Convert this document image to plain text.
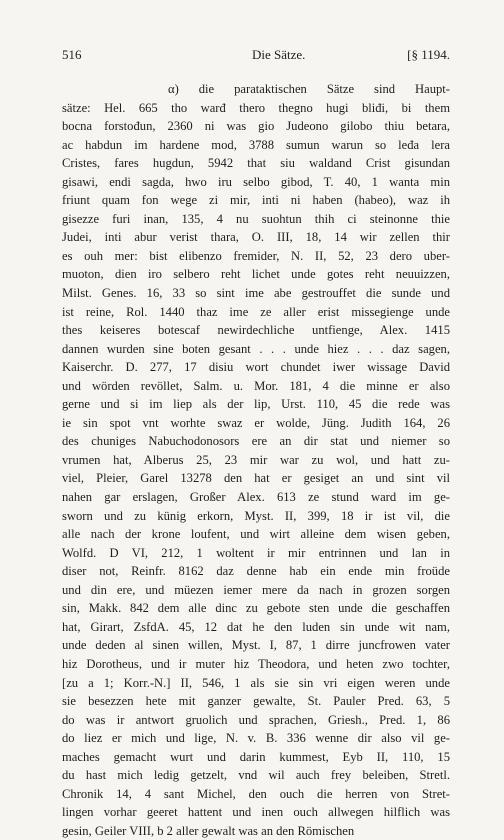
516	Die Sätze.	[§ 1194.
α) die parataktischen Sätze sind Haupt-
sätze: Hel. 665 tho warđ thero thegno hugi bliđi, bi them
bocna forstođun, 2360 ni was gio Judeono gilobo thiu betara,
ac habdun im hardene mod, 3788 sumun warun so leđa lera
Cristes, fares hugdun, 5942 that siu waldand Crist gisundan
gisawi, endi sagda, hwo iru selbo gibod, T. 40, 1 wanta min
friunt quam fon wege zi mir, inti ni haben (habeo), waz ih
gisezze furi inan, 135, 4 nu suohtun thih ci steinonne thie
Judei, inti abur verist thara, O. III, 18, 14 wir zellen thir
es ouh mer: bist elibenzo fremider, N. II, 52, 23 dero uber-
muoton, dien iro selbero reht lichet unde gotes reht neuuizzen,
Milst. Genes. 16, 33 so sint ime abe gestrouffet die sunde und
ist reine, Rol. 1440 thaz ime ze aller erist missegienge unde
thes keiseres botescaf newirdechliche untfienge, Alex. 1415
dannen wurden sine boten gesant . . . unde hiez . . . daz sagen,
Kaiserchr. D. 277, 17 disiu wort chundet iwer wissage David
und wörden revöllet, Salm. u. Mor. 181, 4 die minne er also
gerne und si im liep als der lip, Urst. 110, 45 die rede was
ie sin spot vnt worhte swaz er wolde, Jüng. Judith 164, 26
des chuniges Nabuchodonosors ere an dir stat und niemer so
vrumen hat, Alberus 25, 23 mir war zu wol, und hatt zu-
viel, Pleier, Garel 13278 den hat er gesiget an und sint vil
nahen gar erslagen, Großer Alex. 613 ze stund ward im ge-
sworn und zu künig erkorn, Myst. II, 399, 18 ir ist vil, die
alle nach der krone loufent, und wirt alleine dem wisen geben,
Wolfd. D VI, 212, 1 woltent ir mir entrinnen und lan in
diser not, Reinfr. 8162 daz denne hab ein ende min froüde
und din ere, und müezen iemer mere da nach in grozen sorgen
sin, Makk. 842 dem alle dinc zu gebote sten unde die geschaffen
hat, Girart, ZsfdA. 45, 12 dat he den luden sin unde wit nam,
unde deden al sinen willen, Myst. I, 87, 1 dirre juncfrowen vater
hiz Dorotheus, und ir muter hiz Theodora, und heten zwo tochter,
[zu a 1; Korr.-N.] II, 546, 1 als sie sin vri eigen weren unde
sie besezzen hete mit ganzer gewalte, St. Pauler Pred. 63, 5
do was ir antwort gruolich und sprachen, Griesh., Pred. 1, 86
do liez er mich und lige, N. v. B. 336 wenne dir also vil ge-
maches gemacht wurt und darin kummest, Eyb II, 110, 15
du hast mich ledig getzelt, vnd wil auch frey beleiben, Stretl.
Chronik 14, 4 sant Michel, den ouch die herren von Stret-
lingen vorhar geeret hattent und inen ouch allwegen hilflich was
gesin, Geiler VIII, b 2 aller gewalt was an den Römischen
